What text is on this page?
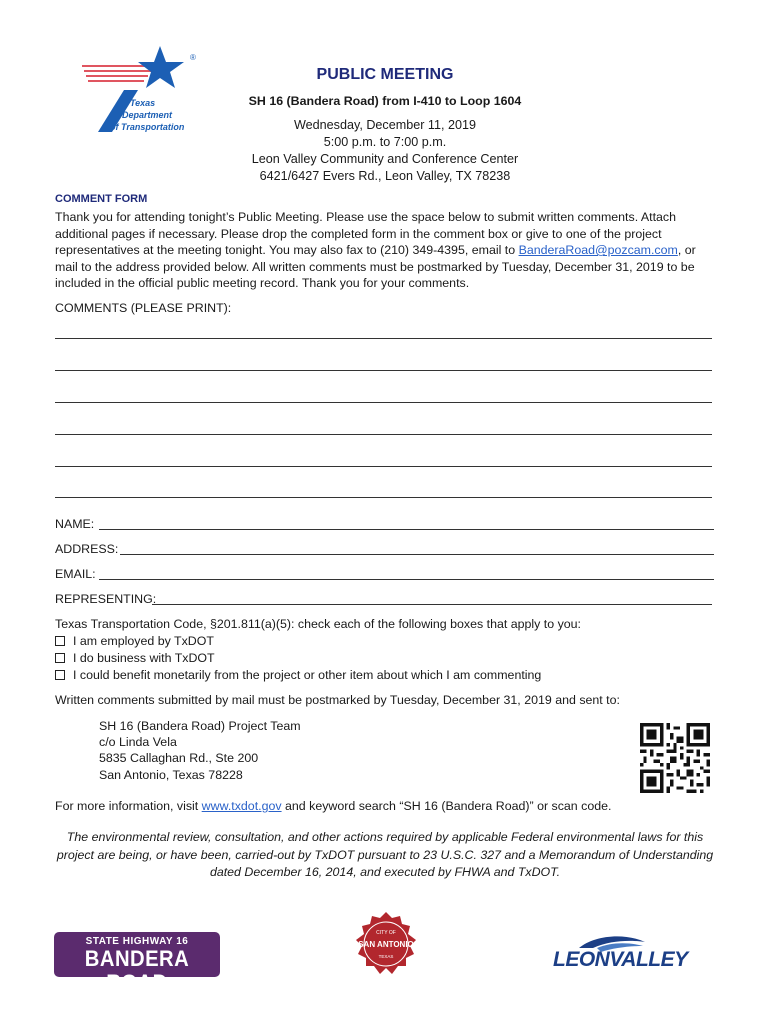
®
Texas
Department
of Transportation
PUBLIC MEETING
SH 16 (Bandera Road) from I-410 to Loop 1604
Wednesday, December 11, 2019
5:00 p.m. to 7:00 p.m.
Leon Valley Community and Conference Center
6421/6427 Evers Rd., Leon Valley, TX 78238
COMMENT FORM
Thank you for attending tonight’s Public Meeting. Please use the space below to submit written comments. Attach additional pages if necessary. Please drop the completed form in the comment box or give to one of the project representatives at the meeting tonight. You may also fax to (210) 349-4395, email to BanderaRoad@pozcam.com, or mail to the address provided below. All written comments must be postmarked by Tuesday, December 31, 2019 to be included in the official public meeting record. Thank you for your comments.
COMMENTS (PLEASE PRINT):
NAME:
ADDRESS:
EMAIL:
REPRESENTING:
Texas Transportation Code, §201.811(a)(5): check each of the following boxes that apply to you:
I am employed by TxDOT
I do business with TxDOT
I could benefit monetarily from the project or other item about which I am commenting
Written comments submitted by mail must be postmarked by Tuesday, December 31, 2019 and sent to:
SH 16 (Bandera Road) Project Team
c/o Linda Vela
5835 Callaghan Rd., Ste 200
San Antonio, Texas 78228
For more information, visit www.txdot.gov and keyword search “SH 16 (Bandera Road)” or scan code.
The environmental review, consultation, and other actions required by applicable Federal environmental laws for this project are being, or have been, carried-out by TxDOT pursuant to 23 U.S.C. 327 and a Memorandum of Understanding dated December 16, 2014, and executed by FHWA and TxDOT.
STATE HIGHWAY 16
BANDERA ROAD
CITY OF
SAN ANTONIO
TEXAS	LEONVALLEY
